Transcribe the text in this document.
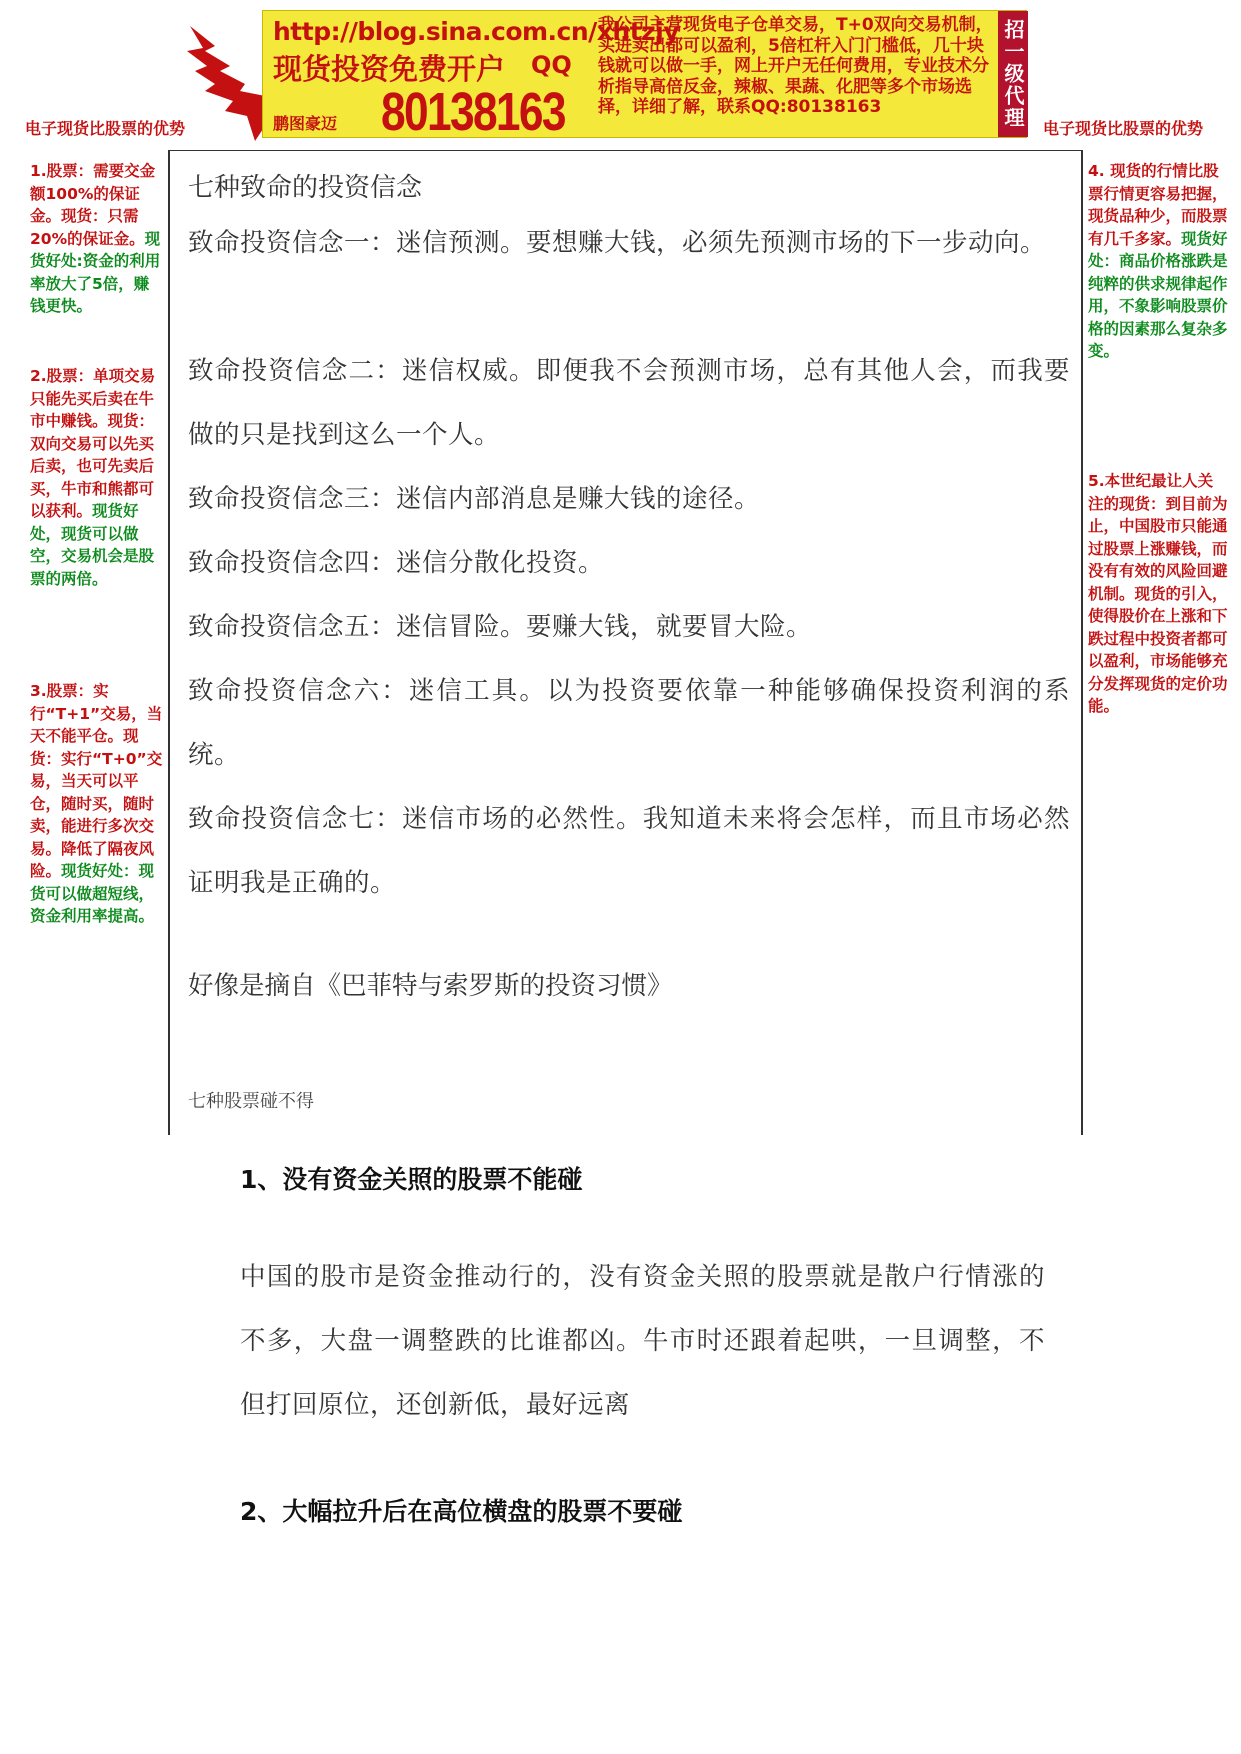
http://blog.sina.com.cn/xhtzjy
现货投资免费开户 QQ
鹏图豪迈 80138163
我公司主营现货电子仓单交易，T+0双向交易机制，买进卖出都可以盈利，5倍杠杆入门门槛低，几十块钱就可以做一手，网上开户无任何费用，专业技术分析指导高倍反金，辣椒、果蔬、化肥等多个市场选择，详细了解，联系QQ:80138163	招一级代理
电子现货比股票的优势	电子现货比股票的优势
1.股票：需要交金额100%的保证金。现货：只需20%的保证金。现货好处:资金的利用率放大了5倍，赚钱更快。
2.股票：单项交易只能先买后卖在牛市中赚钱。现货：双向交易可以先买后卖，也可先卖后买，牛市和熊都可以获利。现货好处，现货可以做空，交易机会是股票的两倍。
3.股票：实行“T+1”交易，当天不能平仓。现货：实行“T+0”交易，当天可以平仓，随时买，随时卖，能进行多次交易。降低了隔夜风险。现货好处：现货可以做超短线，资金利用率提高。
4. 现货的行情比股票行情更容易把握，现货品种少，而股票有几千多家。现货好处：商品价格涨跌是纯粹的供求规律起作用，不象影响股票价格的因素那么复杂多变。
5.本世纪最让人关注的现货：到目前为止，中国股市只能通过股票上涨赚钱，而没有有效的风险回避机制。现货的引入，使得股价在上涨和下跌过程中投资者都可以盈利，市场能够充分发挥现货的定价功能。
七种致命的投资信念
致命投资信念一：迷信预测。要想赚大钱，必须先预测市场的下一步动向。
致命投资信念二：迷信权威。即便我不会预测市场，总有其他人会，而我要做的只是找到这么一个人。
致命投资信念三：迷信内部消息是赚大钱的途径。
致命投资信念四：迷信分散化投资。
致命投资信念五：迷信冒险。要赚大钱，就要冒大险。
致命投资信念六：迷信工具。以为投资要依靠一种能够确保投资利润的系统。
致命投资信念七：迷信市场的必然性。我知道未来将会怎样，而且市场必然证明我是正确的。
好像是摘自《巴菲特与索罗斯的投资习惯》
七种股票碰不得
1、没有资金关照的股票不能碰
中国的股市是资金推动行的，没有资金关照的股票就是散户行情涨的不多，大盘一调整跌的比谁都凶。牛市时还跟着起哄，一旦调整，不但打回原位，还创新低，最好远离
2、大幅拉升后在高位横盘的股票不要碰
